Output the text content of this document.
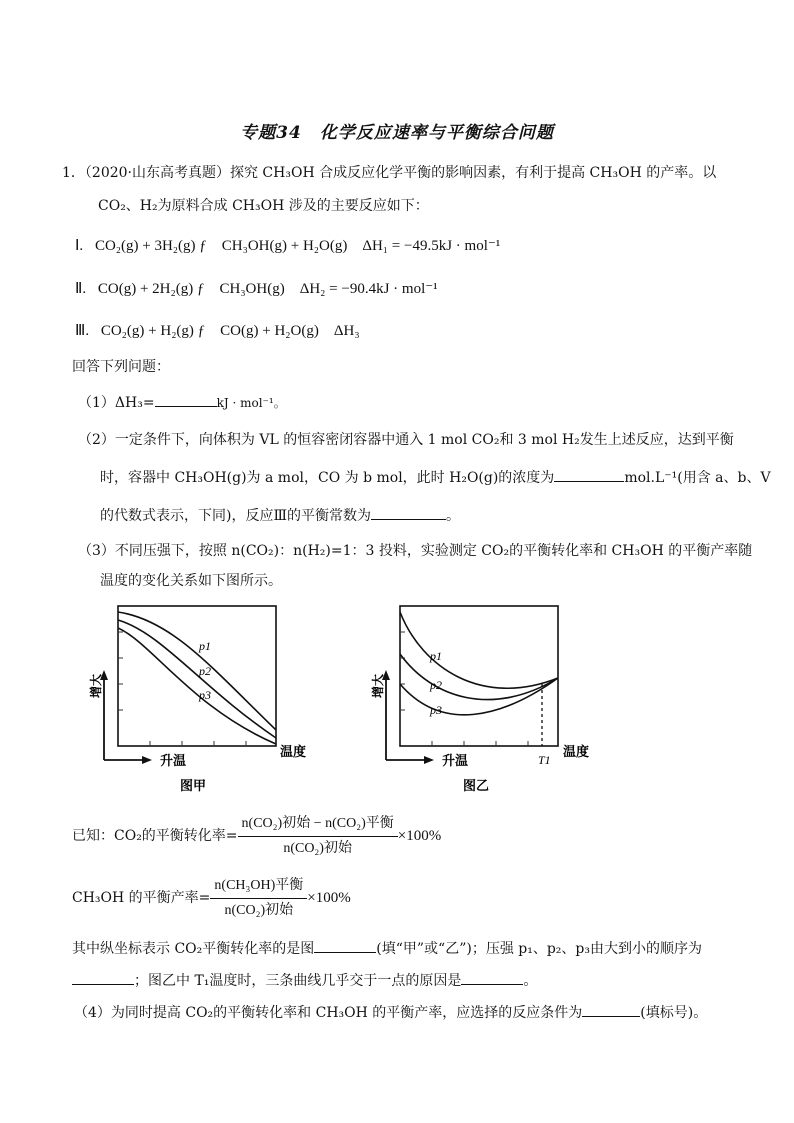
专题34　化学反应速率与平衡综合问题
1．（2020·山东高考真题）探究 CH₃OH 合成反应化学平衡的影响因素，有利于提高 CH₃OH 的产率。以
CO₂、H₂为原料合成 CH₃OH 涉及的主要反应如下：
Ⅰ. CO₂(g) + 3H₂(g) ƒ　CH₃OH(g) + H₂O(g)　ΔH₁ = −49.5kJ · mol⁻¹
Ⅱ. CO(g) + 2H₂(g) ƒ　CH₃OH(g)　ΔH₂ = −90.4kJ · mol⁻¹
Ⅲ. CO₂(g) + H₂(g) ƒ　CO(g) + H₂O(g)　ΔH₃
回答下列问题：
（1）ΔH₃=	kJ · mol⁻¹。
（2）一定条件下，向体积为 VL 的恒容密闭容器中通入 1 mol CO₂和 3 mol H₂发生上述反应，达到平衡
时，容器中 CH₃OH(g)为 a mol，CO 为 b mol，此时 H₂O(g)的浓度为	mol.L⁻¹(用含 a、b、V
的代数式表示，下同)，反应Ⅲ的平衡常数为	。
（3）不同压强下，按照 n(CO₂)：n(H₂)=1：3 投料，实验测定 CO₂的平衡转化率和 CH₃OH 的平衡产率随
温度的变化关系如下图所示。
p1
p2
p3
增大
升温
温度
图甲
p1
p2
p3
增大
升温	T1 温度
图乙
已知：CO₂的平衡转化率= $\frac{\text{n(CO₂)初始 − n(CO₂)平衡}}{\text{n(CO₂)初始}} \times 100\%$
CH₃OH 的平衡产率= $\frac{\text{n(CH₃OH)平衡}}{\text{n(CO₂)初始}} \times 100\%$
其中纵坐标表示 CO₂平衡转化率的是图	(填“甲”或“乙”)；压强 p₁、p₂、p₃由大到小的顺序为
；图乙中 T₁温度时，三条曲线几乎交于一点的原因是	。
（4）为同时提高 CO₂的平衡转化率和 CH₃OH 的平衡产率，应选择的反应条件为	(填标号)。
